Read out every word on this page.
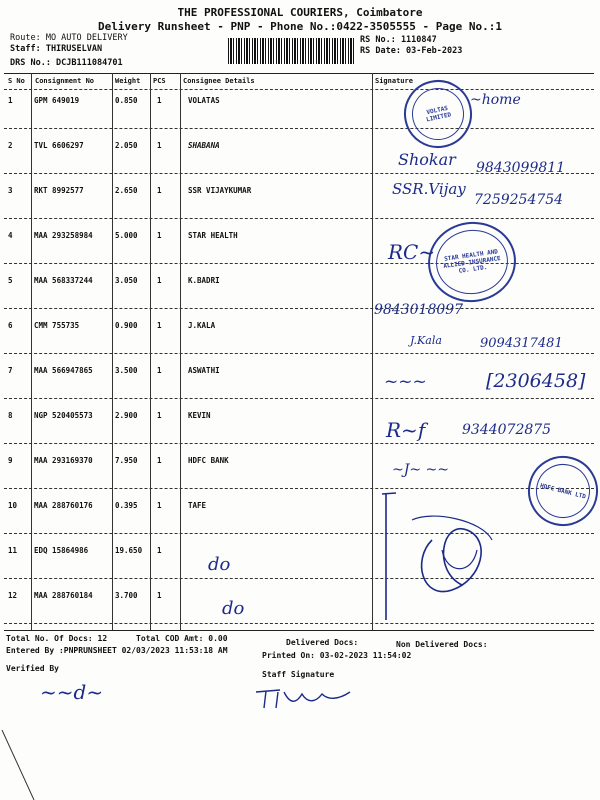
THE PROFESSIONAL COURIERS, Coimbatore
Delivery Runsheet - PNP - Phone No.:0422-3505555 - Page No.:1
Route: MO AUTO DELIVERY
Staff: THIRUSELVAN
DRS No.: DCJB111084701
RS No.: 1110847
RS Date: 03-Feb-2023
S No Consignment No	Weight PCS Consignee Details	Signature
1	GPM 649019	0.850	1	VOLATAS
2	TVL 6606297	2.050	1	SHABANA
3	RKT 8992577	2.650	1	SSR VIJAYKUMAR
4	MAA 293258984	5.000	1	STAR HEALTH
5	MAA 568337244	3.050	1	K.BADRI
6	CMM 755735	0.900	1	J.KALA
7	MAA 566947865	3.500	1	ASWATHI
8	NGP 520405573	2.900	1	KEVIN
9	MAA 293169370	7.950	1	HDFC BANK
10 MAA 288760176	0.395	1	TAFE
11 EDQ 15864986	19.650 1
12 MAA 288760184	3.700	1
VOLTAS LIMITED
STAR HEALTH AND ALLIED INSURANCE CO. LTD.
HDFC BANK LTD
~home
Shokar 9843099811
SSR.Vijay
7259254754
RC~
9843018097
J.Kala	9094317481
[2306458]
~~~
R~f	9344072875
~J~ ~~
do
do
Total No. Of Docs: 12	Total COD Amt: 0.00	Delivered Docs:	Non Delivered Docs:
Entered By :PNPRUNSHEET 02/03/2023 11:53:18 AM
Printed On: 03-02-2023 11:54:02
Staff Signature
Verified By
~~d~
